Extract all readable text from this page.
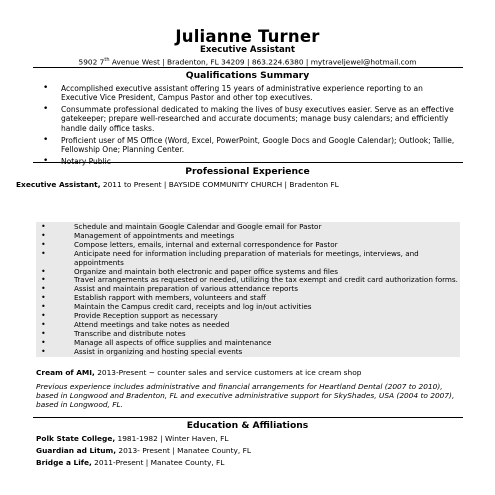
Julianne Turner
Executive Assistant
5902 7th Avenue West | Bradenton, FL 34209 | 863.224.6380 | mytraveljewel@hotmail.com
Qualifications Summary
• Accomplished executive assistant offering 15 years of administrative experience reporting to an Executive Vice President, Campus Pastor and other top executives.
• Consummate professional dedicated to making the lives of busy executives easier. Serve as an effective gatekeeper; prepare well-researched and accurate documents; manage busy calendars; and efficiently handle daily office tasks.
• Proficient user of MS Office (Word, Excel, PowerPoint, Google Docs and Google Calendar); Outlook; Tallie, Fellowship One; Planning Center.
•
Professional Experience
Executive Assistant, 2011 to Present | BAYSIDE COMMUNITY CHURCH | Bradenton FL
• Schedule and maintain Google Calendar and Google email for Pastor
• Management of appointments and meetings
• Compose letters, emails, internal and external correspondence for Pastor
• Anticipate need for information including preparation of materials for meetings, interviews, and appointments
• Organize and maintain both electronic and paper office systems and files
• Travel arrangements as requested or needed, utilizing the tax exempt and credit card authorization forms.
• Assist and maintain preparation of various attendance reports
• Establish rapport with members, volunteers and staff
• Maintain the Campus credit card, receipts and log in/out activities
• Provide Reception support as necessary
• Attend meetings and take notes as needed
• Transcribe and distribute notes
• Manage all aspects of office supplies and maintenance
• Assist in organizing and hosting special events
Cream of AMI, 2013-Present ~ counter sales and service customers at ice cream shop
Previous experience includes administrative and financial arrangements for Heartland Dental (2007 to 2010), based in Longwood and Bradenton, FL and executive administrative support for SkyShades, USA (2004 to 2007), based in Longwood, FL.
Education & Affiliations
Polk State College, 1981-1982 | Winter Haven, FL
Guardian ad Litum, 2013- Present | Manatee County, FL
Bridge a Life, 2011-Present | Manatee County, FL
